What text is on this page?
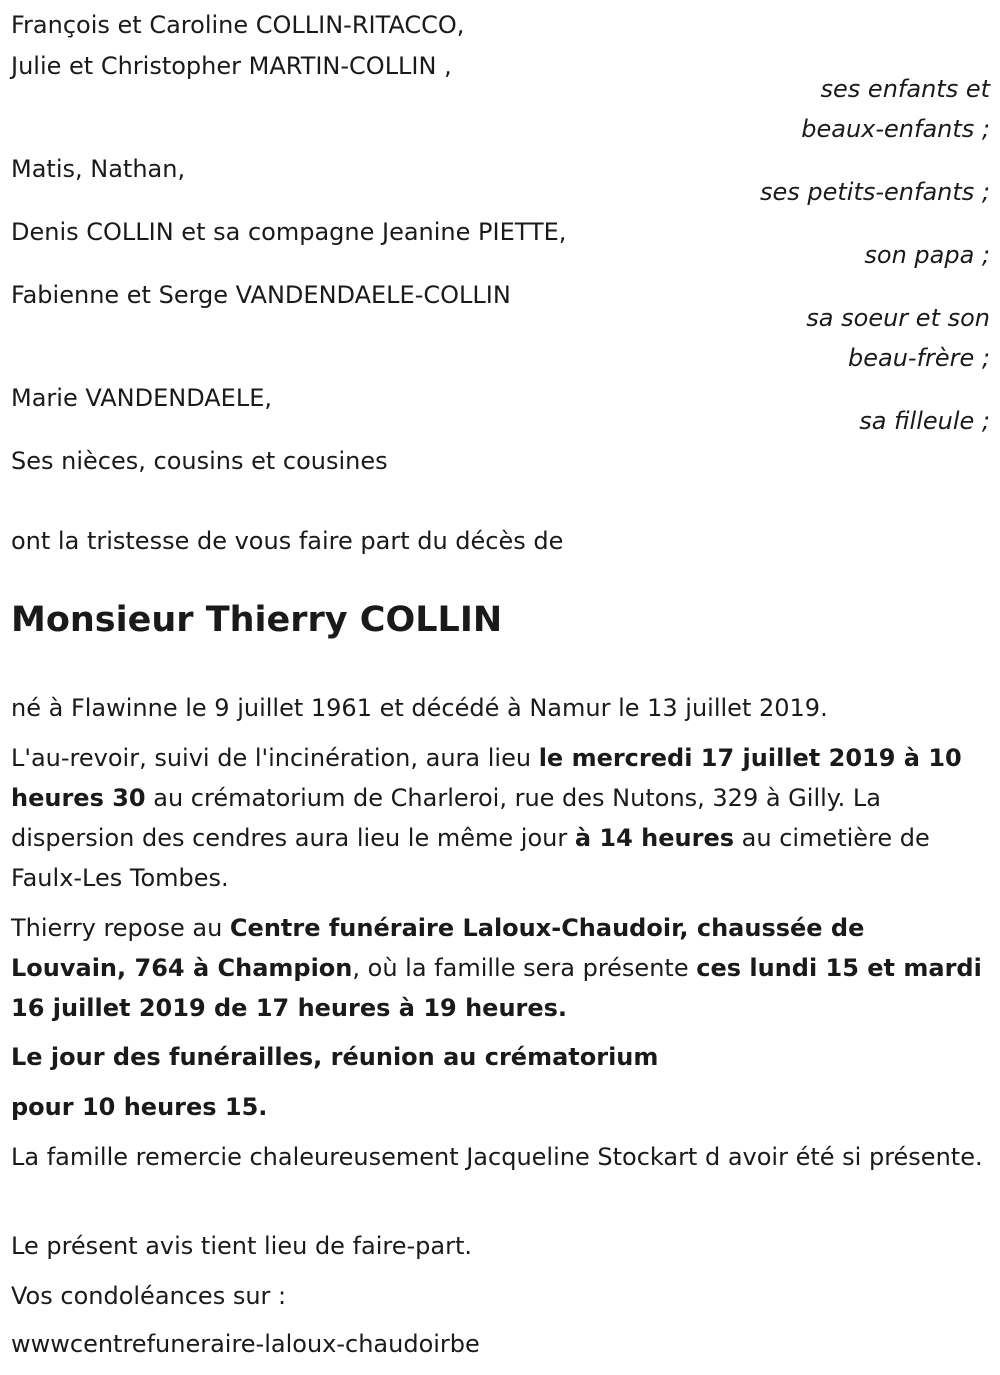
François et Caroline COLLIN-RITACCO,
Julie et Christopher MARTIN-COLLIN ,
ses enfants et
beaux-enfants ;
Matis, Nathan,
ses petits-enfants ;
Denis COLLIN et sa compagne Jeanine PIETTE,
son papa ;
Fabienne et Serge VANDENDAELE-COLLIN
sa soeur et son
beau-frère ;
Marie VANDENDAELE,
sa filleule ;
Ses nièces, cousins et cousines
ont la tristesse de vous faire part du décès de
Monsieur Thierry COLLIN
né à Flawinne le 9 juillet 1961 et décédé à Namur le 13 juillet 2019.
L'au-revoir, suivi de l'incinération, aura lieu le mercredi 17 juillet 2019 à 10 heures 30 au crématorium de Charleroi, rue des Nutons, 329 à Gilly. La dispersion des cendres aura lieu le même jour à 14 heures au cimetière de Faulx-Les Tombes.
Thierry repose au Centre funéraire Laloux-Chaudoir, chaussée de Louvain, 764 à Champion, où la famille sera présente ces lundi 15 et mardi 16 juillet 2019 de 17 heures à 19 heures.
Le jour des funérailles, réunion au crématorium
pour 10 heures 15.
La famille remercie chaleureusement Jacqueline Stockart d avoir été si présente.
Le présent avis tient lieu de faire-part.
Vos condoléances sur :
wwwcentrefuneraire-laloux-chaudoirbe
